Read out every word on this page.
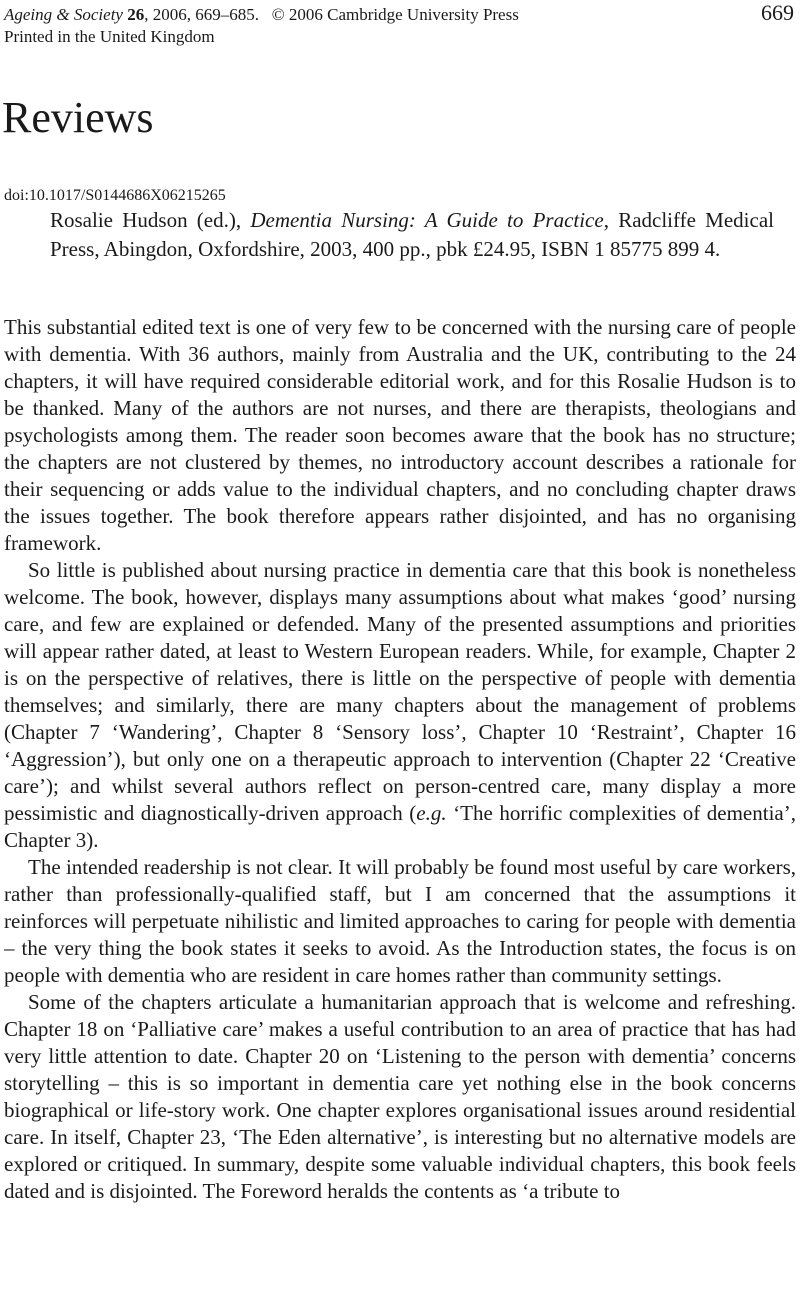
Ageing & Society 26, 2006, 669–685. © 2006 Cambridge University Press	669
Printed in the United Kingdom
Reviews
doi:10.1017/S0144686X06215265
Rosalie Hudson (ed.), Dementia Nursing: A Guide to Practice, Radcliffe Medical Press, Abingdon, Oxfordshire, 2003, 400 pp., pbk £24.95, ISBN 1 85775 899 4.

This substantial edited text is one of very few to be concerned with the nursing care of people with dementia. With 36 authors, mainly from Australia and the UK, contributing to the 24 chapters, it will have required considerable editorial work, and for this Rosalie Hudson is to be thanked. Many of the authors are not nurses, and there are therapists, theologians and psychologists among them. The reader soon becomes aware that the book has no structure; the chapters are not clustered by themes, no introductory account describes a rationale for their sequencing or adds value to the individual chapters, and no concluding chapter draws the issues together. The book therefore appears rather disjointed, and has no organising framework.

So little is published about nursing practice in dementia care that this book is nonetheless welcome. The book, however, displays many assumptions about what makes ‘good’ nursing care, and few are explained or defended. Many of the presented assumptions and priorities will appear rather dated, at least to Western European readers. While, for example, Chapter 2 is on the perspective of relatives, there is little on the perspective of people with dementia themselves; and similarly, there are many chapters about the management of problems (Chapter 7 ‘Wandering’, Chapter 8 ‘Sensory loss’, Chapter 10 ‘Restraint’, Chapter 16 ‘Aggression’), but only one on a therapeutic approach to intervention (Chapter 22 ‘Creative care’); and whilst several authors reflect on person-centred care, many display a more pessimistic and diagnostically-driven approach (e.g. ‘The horrific complexities of dementia’, Chapter 3).

The intended readership is not clear. It will probably be found most useful by care workers, rather than professionally-qualified staff, but I am concerned that the assumptions it reinforces will perpetuate nihilistic and limited approaches to caring for people with dementia – the very thing the book states it seeks to avoid. As the Introduction states, the focus is on people with dementia who are resident in care homes rather than community settings.

Some of the chapters articulate a humanitarian approach that is welcome and refreshing. Chapter 18 on ‘Palliative care’ makes a useful contribution to an area of practice that has had very little attention to date. Chapter 20 on ‘Listening to the person with dementia’ concerns storytelling – this is so important in dementia care yet nothing else in the book concerns biographical or life-story work. One chapter explores organisational issues around residential care. In itself, Chapter 23, ‘The Eden alternative’, is interesting but no alternative models are explored or critiqued. In summary, despite some valuable individual chapters, this book feels dated and is disjointed. The Foreword heralds the contents as ‘a tribute to
